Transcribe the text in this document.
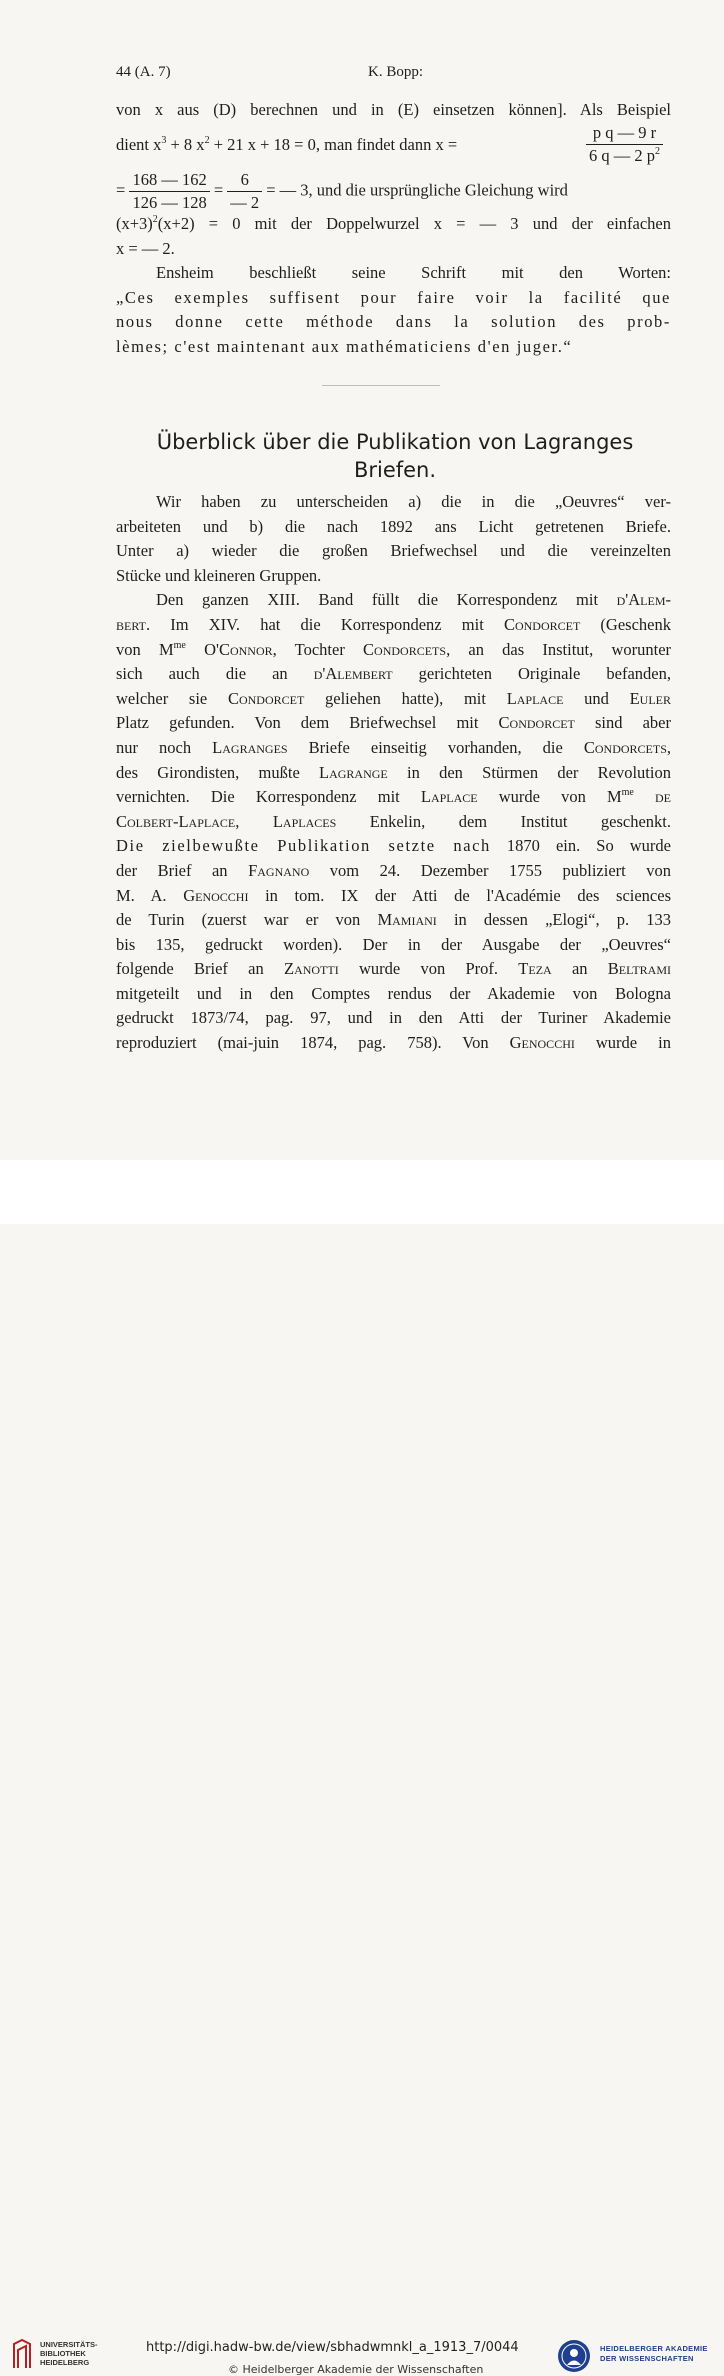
44 (A. 7)	K. Bopp:
von x aus (D) berechnen und in (E) einsetzen können]. Als Beispiel
dient $x^3 + 8$ $x^2 + 21$ x + 18 = 0, man findet dann x =	$\frac{\text{p q — 9 r}}{6 q — 2 p^2}$
= $\frac{168 — 162}{126 — 128} = \frac{6}{— 2}$ = — 3, und die ursprüngliche Gleichung wird
$(x+3)^2(x+2) = 0$ mit der Doppelwurzel x = — 3 und der einfachen
x = — 2.
Ensheim beschließt seine Schrift mit den Worten:
„Ces exemples suffisent pour faire voir la facilité que
nous donne cette méthode dans la solution des prob-
lèmes; c'est maintenant aux mathématiciens d'en juger.“
Überblick über die Publikation von Lagranges
Briefen.
Wir haben zu unterscheiden a) die in die „Oeuvres“ ver-
arbeiteten und b) die nach 1892 ans Licht getretenen Briefe.
Unter a) wieder die großen Briefwechsel und die vereinzelten
Stücke und kleineren Gruppen.
Den ganzen XIII. Band füllt die Korrespondenz mit d'Alem-
bert. Im XIV. hat die Korrespondenz mit Condorcet (Geschenk
von $M^{me}$ O'Connor, Tochter Condorcets, an das Institut, worunter
sich auch die an d'Alembert gerichteten Originale befanden,
welcher sie Condorcet geliehen hatte), mit Laplace und Euler
Platz gefunden. Von dem Briefwechsel mit Condorcet sind aber
nur noch Lagranges Briefe einseitig vorhanden, die Condorcets,
des Girondisten, mußte Lagrange in den Stürmen der Revolution
vernichten. Die Korrespondenz mit Laplace wurde von $M^{me}$ de
Colbert-Laplace, Laplaces Enkelin, dem Institut geschenkt.
Die zielbewußte Publikation setzte nach 1870 ein. So wurde
der Brief an Fagnano vom 24. Dezember 1755 publiziert von
M. A. Genocchi in tom. IX der Atti de l'Académie des sciences
de Turin (zuerst war er von Mamiani in dessen „Elogi“, p. 133
bis 135, gedruckt worden). Der in der Ausgabe der „Oeuvres“
folgende Brief an Zanotti wurde von Prof. Teza an Beltrami
mitgeteilt und in den Comptes rendus der Akademie von Bologna
gedruckt 1873/74, pag. 97, und in den Atti der Turiner Akademie
reproduziert (mai-juin 1874, pag. 758). Von Genocchi wurde in
UNIVERSITÄTS-
BIBLIOTHEK
HEIDELBERG
http://digi.hadw-bw.de/view/sbhadwmnkl_a_1913_7/0044
© Heidelberger Akademie der Wissenschaften
HEIDELBERGER AKADEMIE
DER WISSENSCHAFTEN
